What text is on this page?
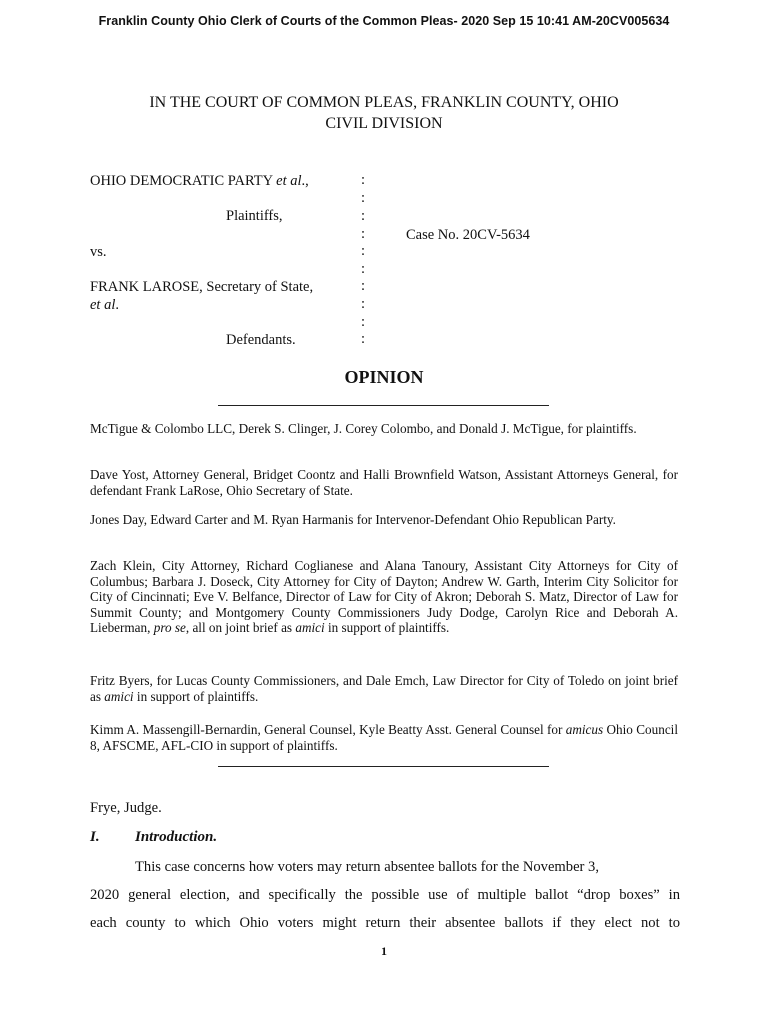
Franklin County Ohio Clerk of Courts of the Common Pleas- 2020 Sep 15 10:41 AM-20CV005634
IN THE COURT OF COMMON PLEAS, FRANKLIN COUNTY, OHIO
CIVIL DIVISION
OHIO DEMOCRATIC PARTY et al.,
Plaintiffs,
vs.
FRANK LAROSE, Secretary of State,
et al.
Defendants.
:
:
:
:
:
:
:
:
:
:
Case No. 20CV-5634
OPINION

McTigue & Colombo LLC, Derek S. Clinger, J. Corey Colombo, and Donald J. McTigue, for plaintiffs.

Dave Yost, Attorney General, Bridget Coontz and Halli Brownfield Watson, Assistant Attorneys General, for defendant Frank LaRose, Ohio Secretary of State.

Jones Day, Edward Carter and M. Ryan Harmanis for Intervenor-Defendant Ohio Republican Party.

Zach Klein, City Attorney, Richard Coglianese and Alana Tanoury, Assistant City Attorneys for City of Columbus; Barbara J. Doseck, City Attorney for City of Dayton; Andrew W. Garth, Interim City Solicitor for City of Cincinnati; Eve V. Belfance, Director of Law for City of Akron; Deborah S. Matz, Director of Law for Summit County; and Montgomery County Commissioners Judy Dodge, Carolyn Rice and Deborah A. Lieberman, pro se, all on joint brief as amici in support of plaintiffs.

Fritz Byers, for Lucas County Commissioners, and Dale Emch, Law Director for City of Toledo on joint brief as amici in support of plaintiffs.

Kimm A. Massengill-Bernardin, General Counsel, Kyle Beatty Asst. General Counsel for amicus Ohio Council 8, AFSCME, AFL-CIO in support of plaintiffs.

Frye, Judge.
I. Introduction.
This case concerns how voters may return absentee ballots for the November 3,
2020 general election, and specifically the possible use of multiple ballot “drop boxes” in
each county to which Ohio voters might return their absentee ballots if they elect not to
1
